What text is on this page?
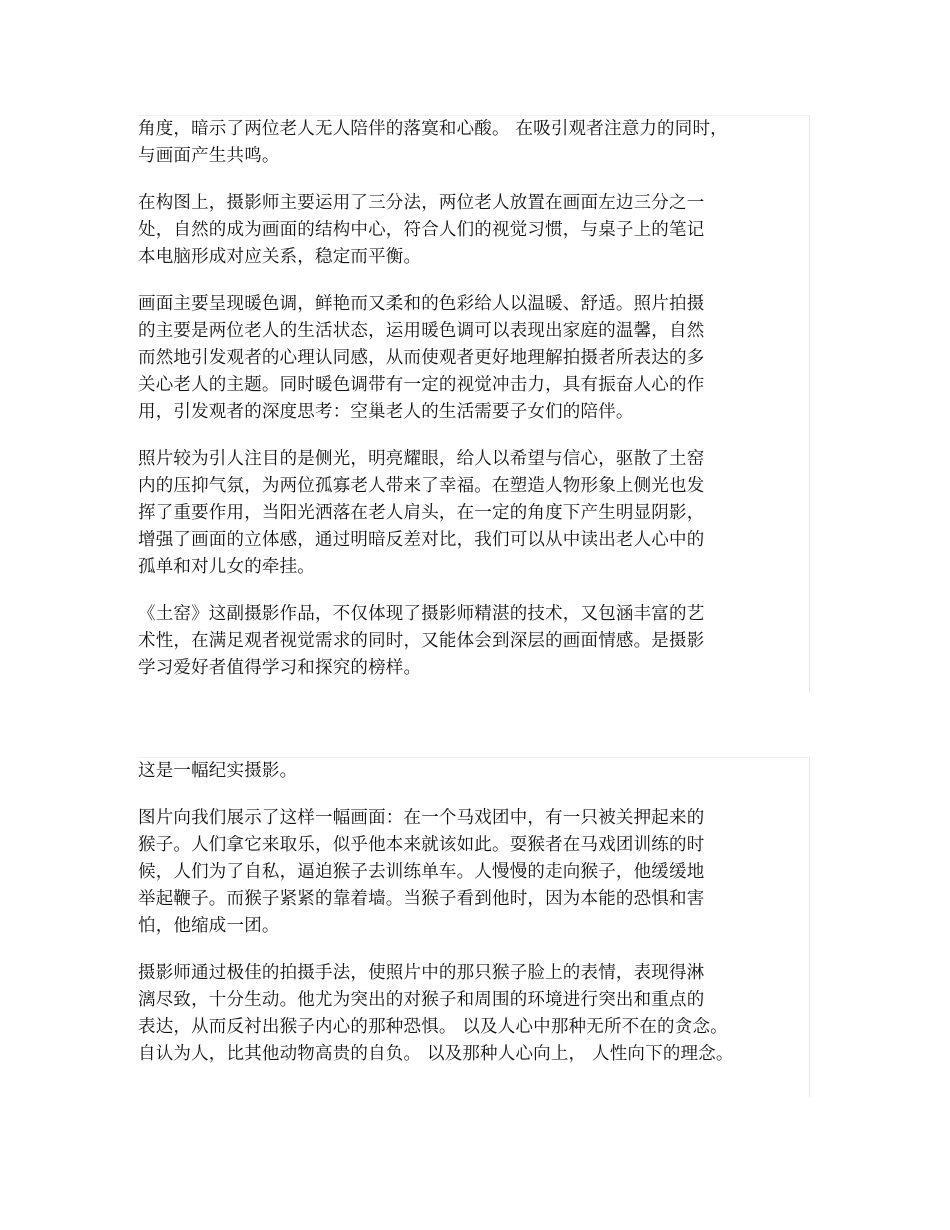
角度，暗示了两位老人无人陪伴的落寞和心酸。 在吸引观者注意力的同时，
与画面产生共鸣。

在构图上，摄影师主要运用了三分法，两位老人放置在画面左边三分之一
处，自然的成为画面的结构中心，符合人们的视觉习惯，与桌子上的笔记
本电脑形成对应关系，稳定而平衡。

画面主要呈现暖色调，鲜艳而又柔和的色彩给人以温暖、舒适。照片拍摄
的主要是两位老人的生活状态，运用暖色调可以表现出家庭的温馨，自然
而然地引发观者的心理认同感，从而使观者更好地理解拍摄者所表达的多
关心老人的主题。同时暖色调带有一定的视觉冲击力，具有振奋人心的作
用，引发观者的深度思考：空巢老人的生活需要子女们的陪伴。

照片较为引人注目的是侧光，明亮耀眼，给人以希望与信心，驱散了土窑
内的压抑气氛，为两位孤寡老人带来了幸福。在塑造人物形象上侧光也发
挥了重要作用，当阳光洒落在老人肩头，在一定的角度下产生明显阴影，
增强了画面的立体感，通过明暗反差对比，我们可以从中读出老人心中的
孤单和对儿女的牵挂。

《土窑》这副摄影作品，不仅体现了摄影师精湛的技术，又包涵丰富的艺
术性，在满足观者视觉需求的同时，又能体会到深层的画面情感。是摄影
学习爱好者值得学习和探究的榜样。

这是一幅纪实摄影。

图片向我们展示了这样一幅画面：在一个马戏团中，有一只被关押起来的
猴子。人们拿它来取乐，似乎他本来就该如此。耍猴者在马戏团训练的时
候，人们为了自私，逼迫猴子去训练单车。人慢慢的走向猴子，他缓缓地
举起鞭子。而猴子紧紧的靠着墙。当猴子看到他时，因为本能的恐惧和害
怕，他缩成一团。

摄影师通过极佳的拍摄手法，使照片中的那只猴子脸上的表情，表现得淋
漓尽致，十分生动。他尤为突出的对猴子和周围的环境进行突出和重点的
表达，从而反衬出猴子内心的那种恐惧。 以及人心中那种无所不在的贪念。
自认为人，比其他动物高贵的自负。 以及那种人心向上， 人性向下的理念。
